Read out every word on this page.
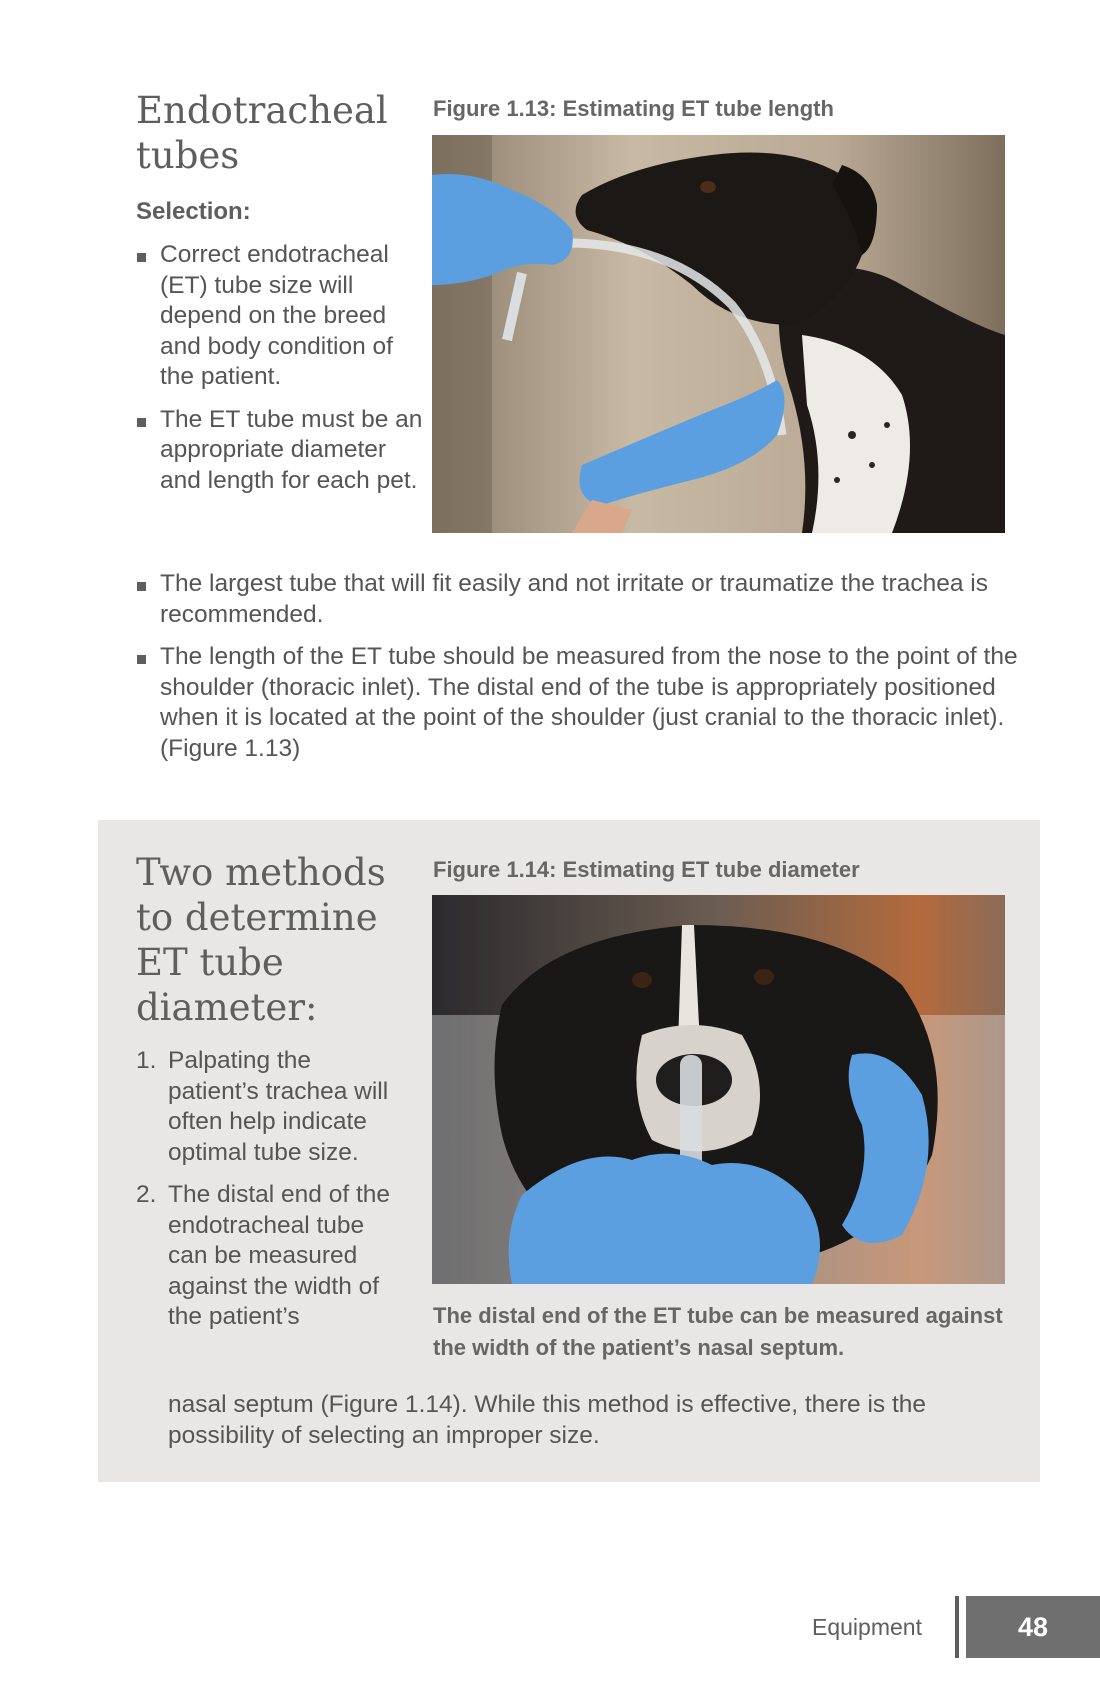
Endotracheal
tubes

Figure 1.13: Estimating ET tube length

Selection:

Correct endotracheal (ET) tube size will depend on the breed and body condition of the patient.
The ET tube must be an appropriate diameter and length for each pet.
The largest tube that will fit easily and not irritate or traumatize the trachea is recommended.
The length of the ET tube should be measured from the nose to the point of the shoulder (thoracic inlet). The distal end of the tube is appropriately positioned when it is located at the point of the shoulder (just cranial to the thoracic inlet). (Figure 1.13)
Two methods
to determine
ET tube
diameter:

Figure 1.14: Estimating ET tube diameter

The distal end of the ET tube can be measured against the width of the patient’s nasal septum.

1. Palpating the patient’s trachea will often help indicate optimal tube size.
2. The distal end of the endotracheal tube can be measured against the width of the patient’s

nasal septum (Figure 1.14). While this method is effective, there is the possibility of selecting an improper size.

Equipment	48
